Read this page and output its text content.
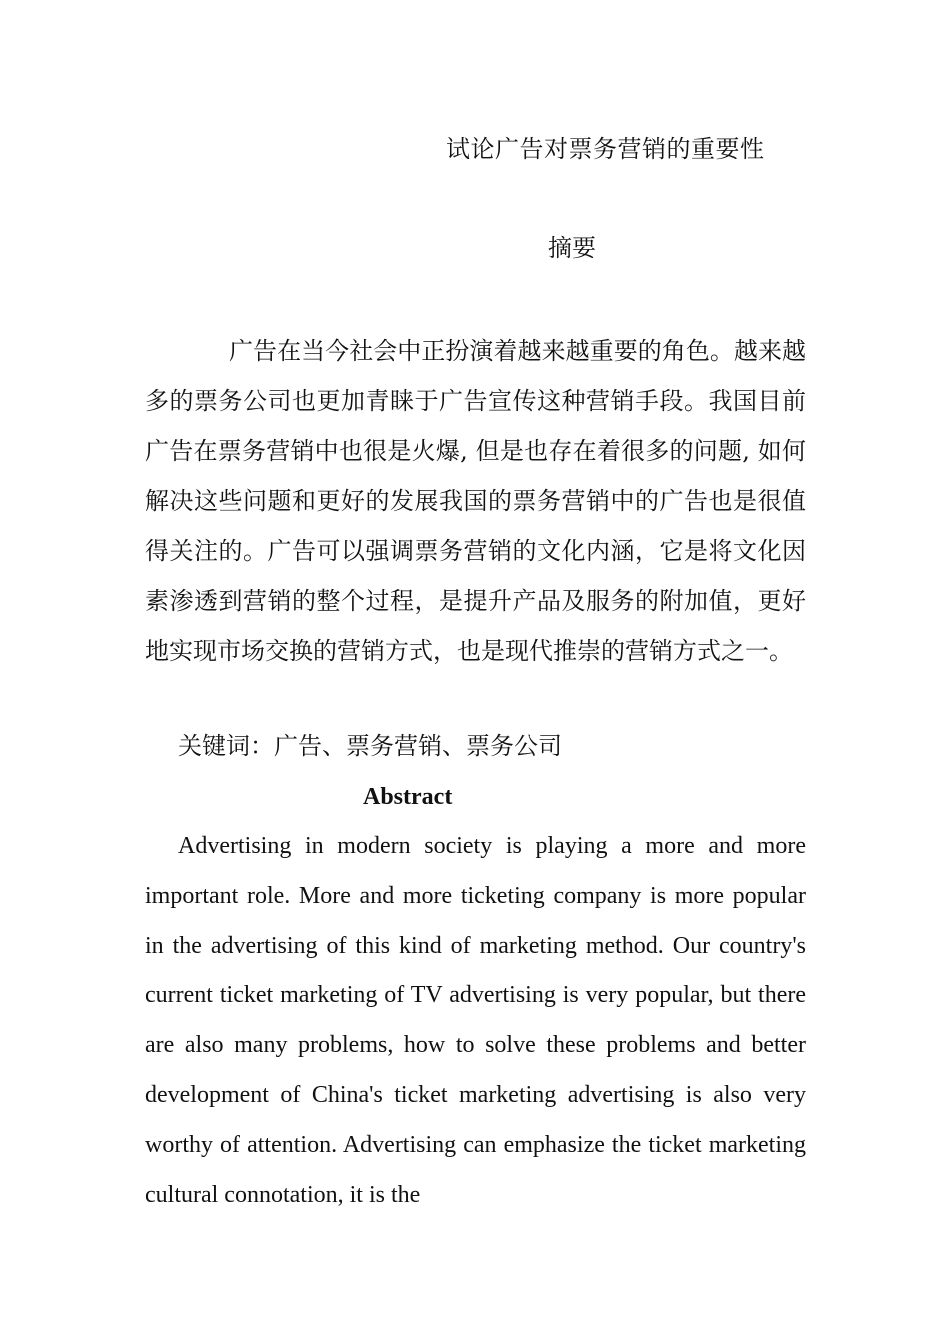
试论广告对票务营销的重要性
摘要

广告在当今社会中正扮演着越来越重要的角色。越来越多的票务公司也更加青睐于广告宣传这种营销手段。我国目前广告在票务营销中也很是火爆, 但是也存在着很多的问题, 如何解决这些问题和更好的发展我国的票务营销中的广告也是很值得关注的。广告可以强调票务营销的文化内涵，它是将文化因素渗透到营销的整个过程，是提升产品及服务的附加值，更好地实现市场交换的营销方式，也是现代推崇的营销方式之一。

关键词：广告、票务营销、票务公司
Abstract

Advertising in modern society is playing a more and more important role. More and more ticketing company is more popular in the advertising of this kind of marketing method. Our country's current ticket marketing of TV advertising is very popular, but there are also many problems, how to solve these problems and better development of China's ticket marketing advertising is also very worthy of attention. Advertising can emphasize the ticket marketing cultural connotation, it is the
